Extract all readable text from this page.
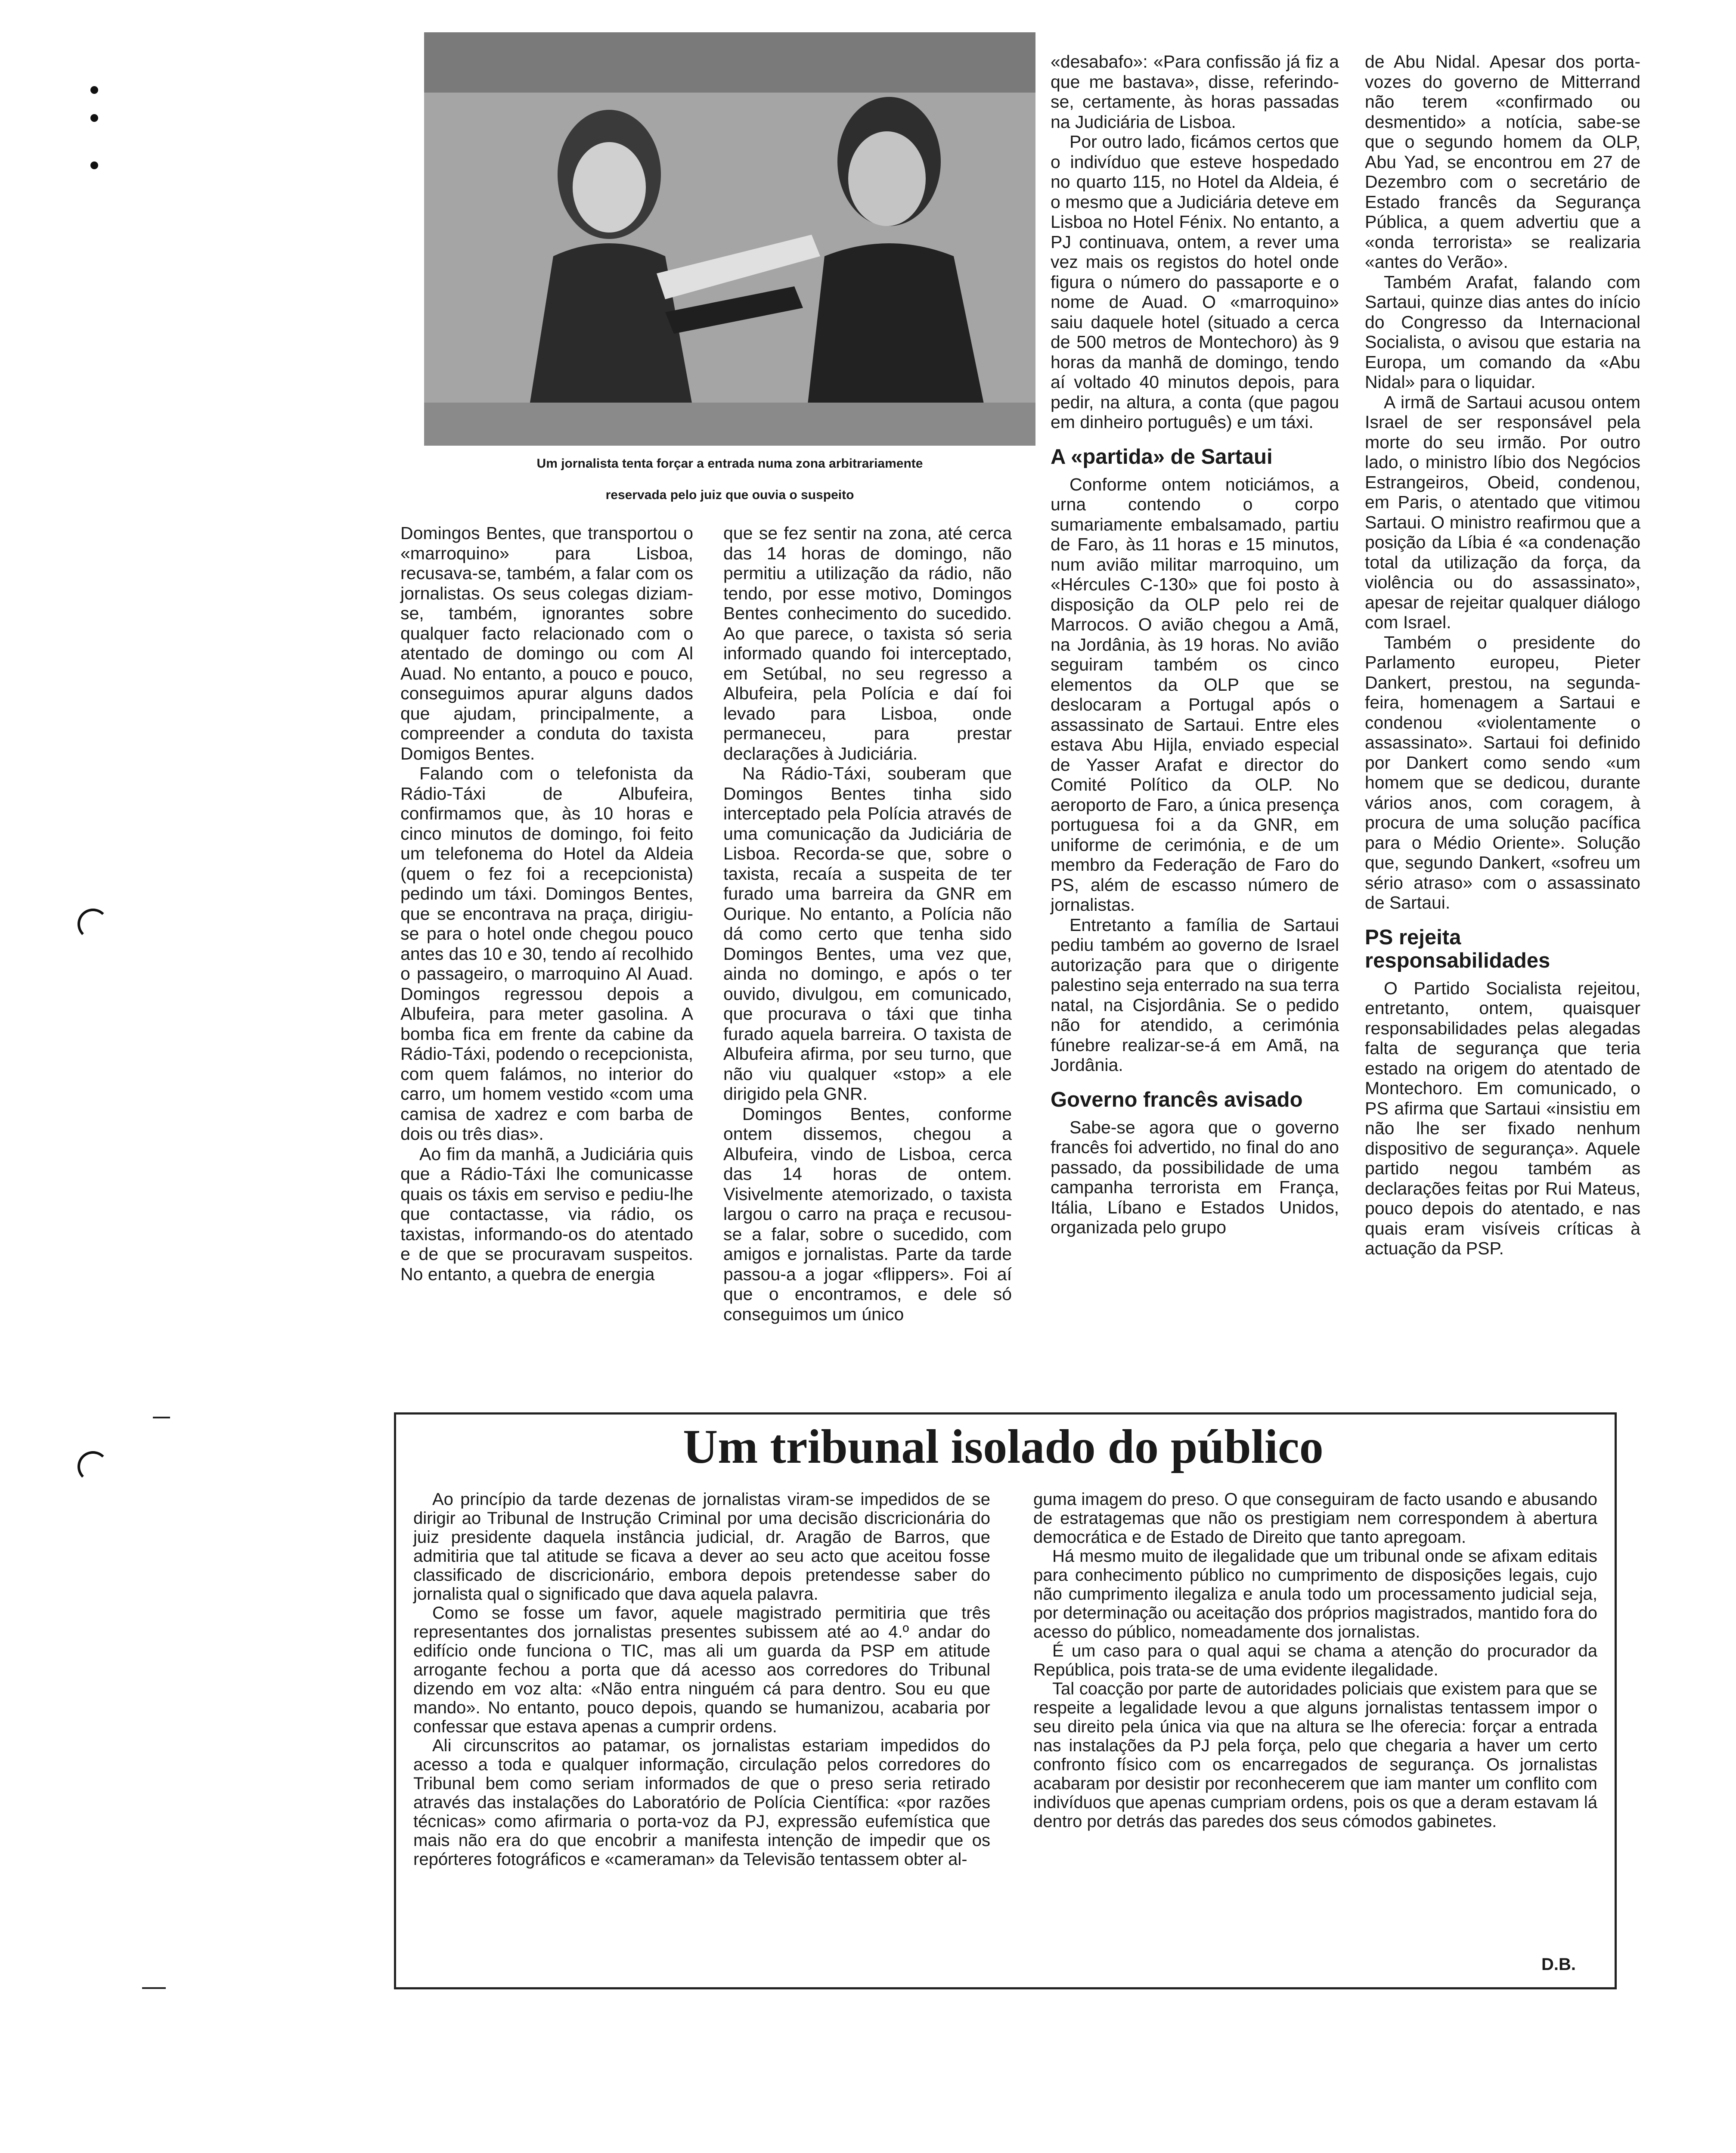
Um jornalista tenta forçar a entrada numa zona arbitrariamente
reservada pelo juiz que ouvia o suspeito

Domingos Bentes, que transportou o «marroquino» para Lisboa, recusava-se, também, a falar com os jornalistas. Os seus colegas diziam-se, também, ignorantes sobre qualquer facto relacionado com o atentado de domingo ou com Al Auad. No entanto, a pouco e pouco, conseguimos apurar alguns dados que ajudam, principalmente, a compreender a conduta do taxista Domigos Bentes.

Falando com o telefonista da Rádio-Táxi de Albufeira, confirmamos que, às 10 horas e cinco minutos de domingo, foi feito um telefonema do Hotel da Aldeia (quem o fez foi a recepcionista) pedindo um táxi. Domingos Bentes, que se encontrava na praça, dirigiu-se para o hotel onde chegou pouco antes das 10 e 30, tendo aí recolhido o passageiro, o marroquino Al Auad. Domingos regressou depois a Albufeira, para meter gasolina. A bomba fica em frente da cabine da Rádio-Táxi, podendo o recepcionista, com quem falámos, no interior do carro, um homem vestido «com uma camisa de xadrez e com barba de dois ou três dias».

Ao fim da manhã, a Judiciária quis que a Rádio-Táxi lhe comunicasse quais os táxis em serviso e pediu-lhe que contactasse, via rádio, os taxistas, informando-os do atentado e de que se procuravam suspeitos. No entanto, a quebra de energia

que se fez sentir na zona, até cerca das 14 horas de domingo, não permitiu a utilização da rádio, não tendo, por esse motivo, Domingos Bentes conhecimento do sucedido. Ao que parece, o taxista só seria informado quando foi interceptado, em Setúbal, no seu regresso a Albufeira, pela Polícia e daí foi levado para Lisboa, onde permaneceu, para prestar declarações à Judiciária.

Na Rádio-Táxi, souberam que Domingos Bentes tinha sido interceptado pela Polícia através de uma comunicação da Judiciária de Lisboa. Recorda-se que, sobre o taxista, recaía a suspeita de ter furado uma barreira da GNR em Ourique. No entanto, a Polícia não dá como certo que tenha sido Domingos Bentes, uma vez que, ainda no domingo, e após o ter ouvido, divulgou, em comunicado, que procurava o táxi que tinha furado aquela barreira. O taxista de Albufeira afirma, por seu turno, que não viu qualquer «stop» a ele dirigido pela GNR.

Domingos Bentes, conforme ontem dissemos, chegou a Albufeira, vindo de Lisboa, cerca das 14 horas de ontem. Visivelmente atemorizado, o taxista largou o carro na praça e recusou-se a falar, sobre o sucedido, com amigos e jornalistas. Parte da tarde passou-a a jogar «flippers». Foi aí que o encontramos, e dele só conseguimos um único

«desabafo»: «Para confissão já fiz a que me bastava», disse, referindo-se, certamente, às horas passadas na Judiciária de Lisboa.

Por outro lado, ficámos certos que o indivíduo que esteve hospedado no quarto 115, no Hotel da Aldeia, é o mesmo que a Judiciária deteve em Lisboa no Hotel Fénix. No entanto, a PJ continuava, ontem, a rever uma vez mais os registos do hotel onde figura o número do passaporte e o nome de Auad. O «marroquino» saiu daquele hotel (situado a cerca de 500 metros de Montechoro) às 9 horas da manhã de domingo, tendo aí voltado 40 minutos depois, para pedir, na altura, a conta (que pagou em dinheiro português) e um táxi.

A «partida» de Sartaui

Conforme ontem noticiámos, a urna contendo o corpo sumariamente embalsamado, partiu de Faro, às 11 horas e 15 minutos, num avião militar marroquino, um «Hércules C-130» que foi posto à disposição da OLP pelo rei de Marrocos. O avião chegou a Amã, na Jordânia, às 19 horas. No avião seguiram também os cinco elementos da OLP que se deslocaram a Portugal após o assassinato de Sartaui. Entre eles estava Abu Hijla, enviado especial de Yasser Arafat e director do Comité Político da OLP. No aeroporto de Faro, a única presença portuguesa foi a da GNR, em uniforme de cerimónia, e de um membro da Federação de Faro do PS, além de escasso número de jornalistas.

Entretanto a família de Sartaui pediu também ao governo de Israel autorização para que o dirigente palestino seja enterrado na sua terra natal, na Cisjordânia. Se o pedido não for atendido, a cerimónia fúnebre realizar-se-á em Amã, na Jordânia.

Governo francês avisado

Sabe-se agora que o governo francês foi advertido, no final do ano passado, da possibilidade de uma campanha terrorista em França, Itália, Líbano e Estados Unidos, organizada pelo grupo

de Abu Nidal. Apesar dos porta-vozes do governo de Mitterrand não terem «confirmado ou desmentido» a notícia, sabe-se que o segundo homem da OLP, Abu Yad, se encontrou em 27 de Dezembro com o secretário de Estado francês da Segurança Pública, a quem advertiu que a «onda terrorista» se realizaria «antes do Verão».

Também Arafat, falando com Sartaui, quinze dias antes do início do Congresso da Internacional Socialista, o avisou que estaria na Europa, um comando da «Abu Nidal» para o liquidar.

A irmã de Sartaui acusou ontem Israel de ser responsável pela morte do seu irmão. Por outro lado, o ministro líbio dos Negócios Estrangeiros, Obeid, condenou, em Paris, o atentado que vitimou Sartaui. O ministro reafirmou que a posição da Líbia é «a condenação total da utilização da força, da violência ou do assassinato», apesar de rejeitar qualquer diálogo com Israel.

Também o presidente do Parlamento europeu, Pieter Dankert, prestou, na segunda-feira, homenagem a Sartaui e condenou «violentamente o assassinato». Sartaui foi definido por Dankert como sendo «um homem que se dedicou, durante vários anos, com coragem, à procura de uma solução pacífica para o Médio Oriente». Solução que, segundo Dankert, «sofreu um sério atraso» com o assassinato de Sartaui.

PS rejeita responsabilidades

O Partido Socialista rejeitou, entretanto, ontem, quaisquer responsabilidades pelas alegadas falta de segurança que teria estado na origem do atentado de Montechoro. Em comunicado, o PS afirma que Sartaui «insistiu em não lhe ser fixado nenhum dispositivo de segurança». Aquele partido negou também as declarações feitas por Rui Mateus, pouco depois do atentado, e nas quais eram visíveis críticas à actuação da PSP.

Um tribunal isolado do público

Ao princípio da tarde dezenas de jornalistas viram-se impedidos de se dirigir ao Tribunal de Instrução Criminal por uma decisão discricionária do juiz presidente daquela instância judicial, dr. Aragão de Barros, que admitiria que tal atitude se ficava a dever ao seu acto que aceitou fosse classificado de discricionário, embora depois pretendesse saber do jornalista qual o significado que dava aquela palavra.

Como se fosse um favor, aquele magistrado permitiria que três representantes dos jornalistas presentes subissem até ao 4.º andar do edifício onde funciona o TIC, mas ali um guarda da PSP em atitude arrogante fechou a porta que dá acesso aos corredores do Tribunal dizendo em voz alta: «Não entra ninguém cá para dentro. Sou eu que mando». No entanto, pouco depois, quando se humanizou, acabaria por confessar que estava apenas a cumprir ordens.

Ali circunscritos ao patamar, os jornalistas estariam impedidos do acesso a toda e qualquer informação, circulação pelos corredores do Tribunal bem como seriam informados de que o preso seria retirado através das instalações do Laboratório de Polícia Científica: «por razões técnicas» como afirmaria o porta-voz da PJ, expressão eufemística que mais não era do que encobrir a manifesta intenção de impedir que os repórteres fotográficos e «cameraman» da Televisão tentassem obter al-

guma imagem do preso. O que conseguiram de facto usando e abusando de estratagemas que não os prestigiam nem correspondem à abertura democrática e de Estado de Direito que tanto apregoam.

Há mesmo muito de ilegalidade que um tribunal onde se afixam editais para conhecimento público no cumprimento de disposições legais, cujo não cumprimento ilegaliza e anula todo um processamento judicial seja, por determinação ou aceitação dos próprios magistrados, mantido fora do acesso do público, nomeadamente dos jornalistas.

É um caso para o qual aqui se chama a atenção do procurador da República, pois trata-se de uma evidente ilegalidade.

Tal coacção por parte de autoridades policiais que existem para que se respeite a legalidade levou a que alguns jornalistas tentassem impor o seu direito pela única via que na altura se lhe oferecia: forçar a entrada nas instalações da PJ pela força, pelo que chegaria a haver um certo confronto físico com os encarregados de segurança. Os jornalistas acabaram por desistir por reconhecerem que iam manter um conflito com indivíduos que apenas cumpriam ordens, pois os que a deram estavam lá dentro por detrás das paredes dos seus cómodos gabinetes.

D.B.
